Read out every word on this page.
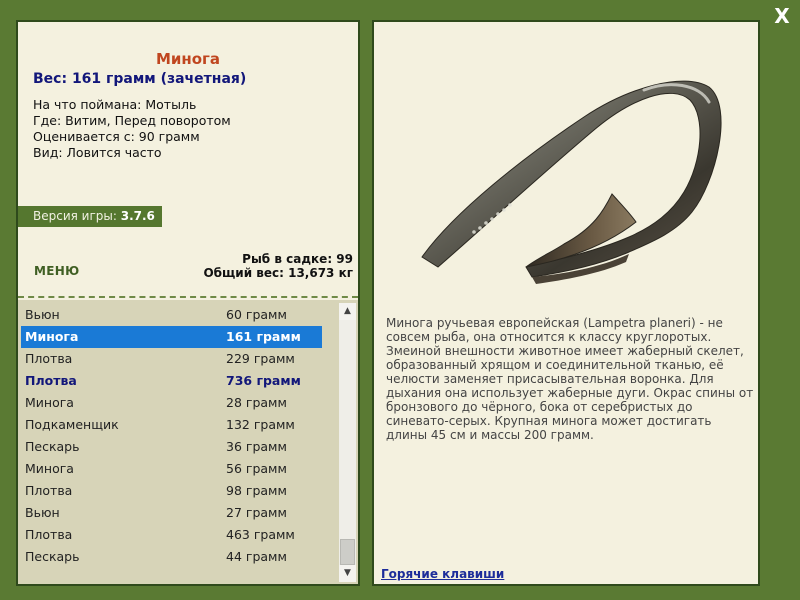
X
Минога
Вес: 161 грамм (зачетная)
На что поймана: Мотыль
Где: Витим, Перед поворотом
Оценивается с: 90 грамм
Вид: Ловится часто
Версия игры: 3.7.6
МЕНЮ
Рыб в садке: 99
Общий вес: 13,673 кг
Вьюн	60 грамм
Минога	161 грамм
Плотва	229 грамм
Плотва	736 грамм
Минога	28 грамм
Подкаменщик	132 грамм
Пескарь	36 грамм
Минога	56 грамм
Плотва	98 грамм
Вьюн	27 грамм
Плотва	463 грамм
Пескарь	44 грамм
▲
▼
Минога ручьевая европейская (Lampetra planeri) - не совсем рыба, она относится к классу круглоротых. Змеиной внешности животное имеет жаберный скелет, образованный хрящом и соединительной тканью, её челюсти заменяет присасывательная воронка. Для дыхания она использует жаберные дуги. Окрас спины от бронзового до чёрного, бока от серебристых до синевато-серых. Крупная минога может достигать длины 45 см и массы 200 грамм.
Горячие клавиши
